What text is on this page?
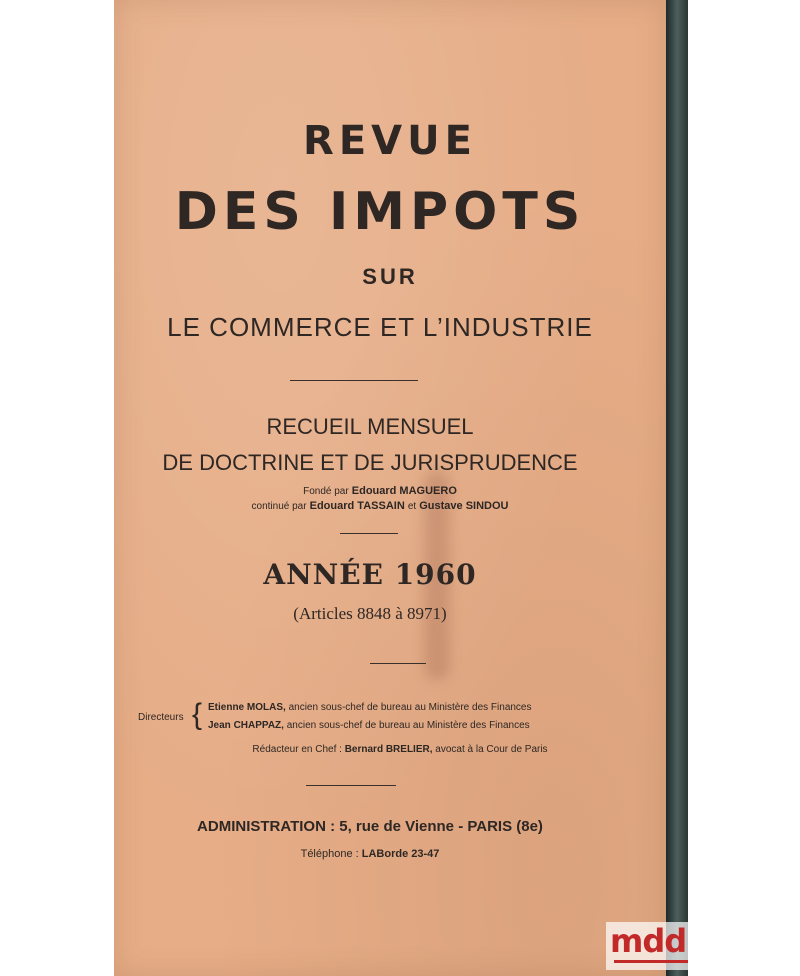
REVUE
DES IMPOTS
SUR
LE COMMERCE ET L’INDUSTRIE
RECUEIL MENSUEL
DE DOCTRINE ET DE JURISPRUDENCE
Fondé par Edouard MAGUERO
continué par Edouard TASSAIN et Gustave SINDOU
ANNÉE 1960
(Articles 8848 à 8971)
Directeurs { Etienne MOLAS, ancien sous-chef de bureau au Ministère des Finances
Jean CHAPPAZ, ancien sous-chef de bureau au Ministère des Finances
Rédacteur en Chef : Bernard BRELIER, avocat à la Cour de Paris
ADMINISTRATION : 5, rue de Vienne - PARIS (8e)
Téléphone : LABorde 23-47
mdd
